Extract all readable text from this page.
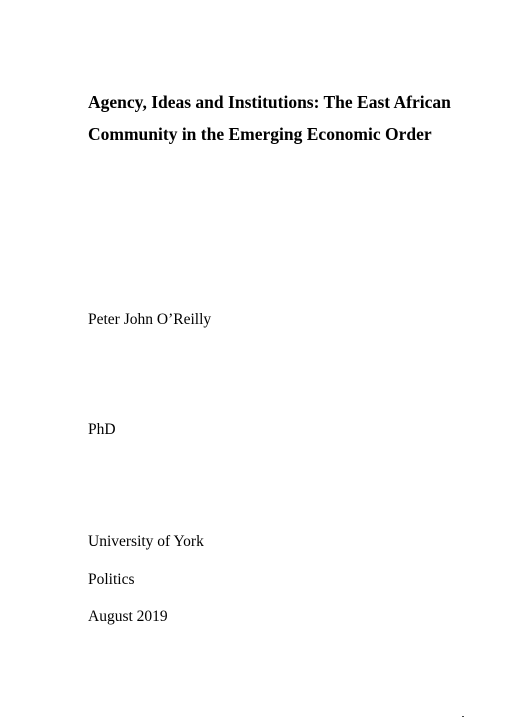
Agency, Ideas and Institutions: The East African

Community in the Emerging Economic Order

Peter John O’Reilly

PhD

University of York

Politics

August 2019
